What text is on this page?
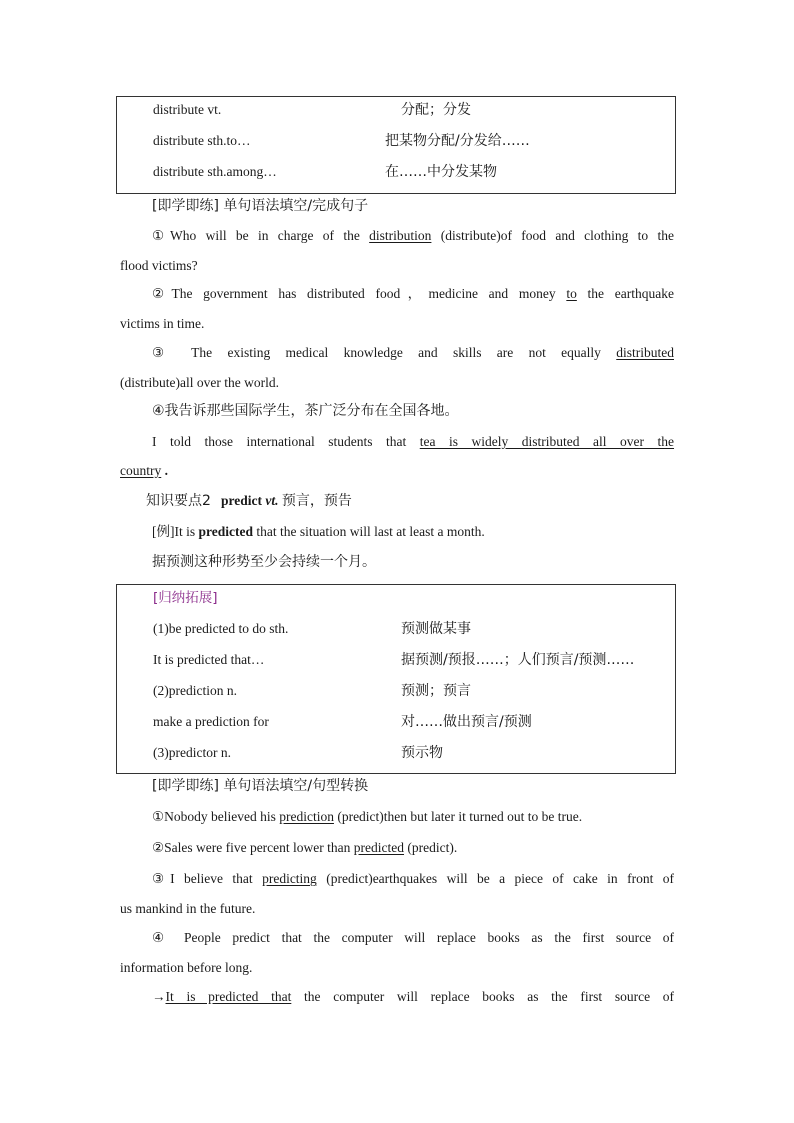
distribute vt.	分配；分发
distribute sth.to…	把某物分配/分发给……
distribute sth.among…	在……中分发某物
[即学即练] 单句语法填空/完成句子
①Who will be in charge of the distribution (distribute)of food and clothing to the
flood victims?
②The government has distributed food，medicine and money to the earthquake
victims in time.
③ The existing medical knowledge and skills are not equally distributed
(distribute)all over the world.
④我告诉那些国际学生，茶广泛分布在全国各地。
I told those international students that tea is widely distributed all over the
country .
知识要点2 predict vt. 预言，预告
[例]It is predicted that the situation will last at least a month.
据预测这种形势至少会持续一个月。
[归纳拓展]
(1)be predicted to do sth.	预测做某事
It is predicted that…	据预测/预报……；人们预言/预测……
(2)prediction n.	预测；预言
make a prediction for	对……做出预言/预测
(3)predictor n.	预示物
[即学即练] 单句语法填空/句型转换
①Nobody believed his prediction (predict)then but later it turned out to be true.
②Sales were five percent lower than predicted (predict).
③I believe that predicting (predict)earthquakes will be a piece of cake in front of
us mankind in the future.
④ People predict that the computer will replace books as the first source of
information before long.
→It is predicted that the computer will replace books as the first source of
